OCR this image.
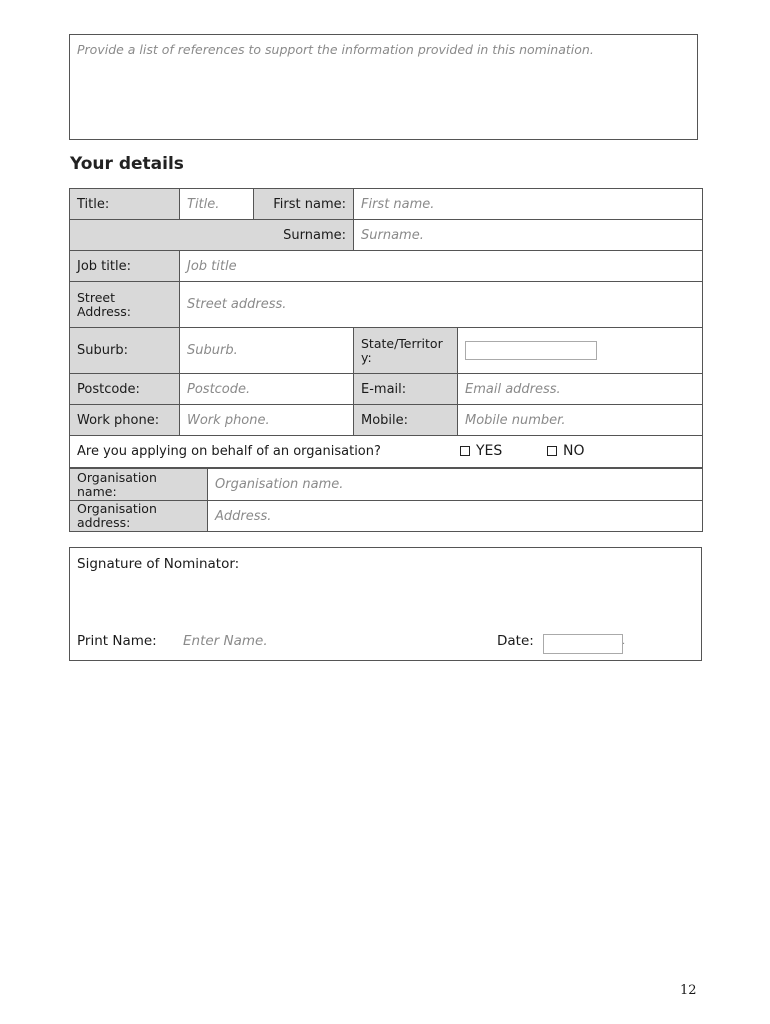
Provide a list of references to support the information provided in this nomination.
Your details
Title:	Title.	First name:	First name.	
Surname:			Surname.	
Job title:	Job title			
Street Address:	Street address.			
Suburb:	Suburb.		State/Territory:	
Postcode:	Postcode.		E-mail:	Email address.
Work phone:	Work phone.		Mobile:	Mobile number.
Are you applying on behalf of an organisation? YES NO				
Organisation name:	Organisation name.
Organisation address:	Address.
Signature of Nominator:
Print Name: Enter Name.	Date:	.
12
